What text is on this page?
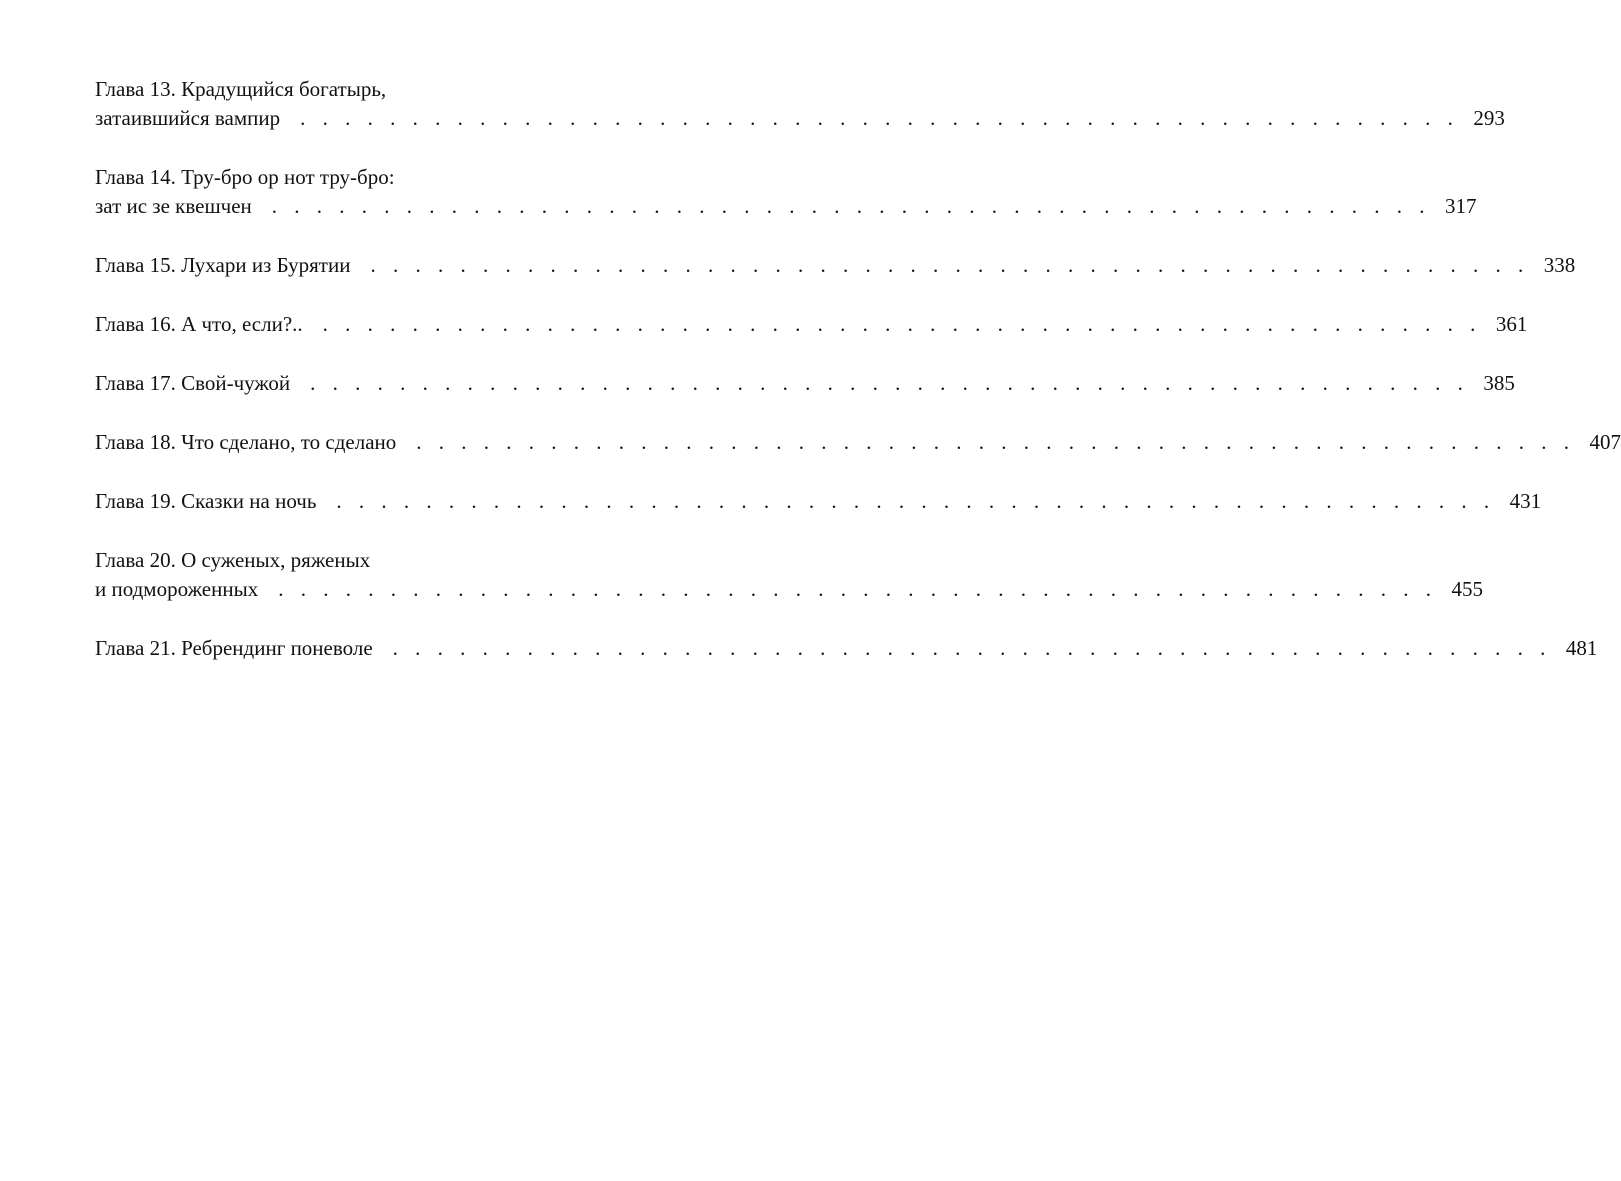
Глава 13. Крадущийся богатырь,
затаившийся вампир . . . . . . . . . . . . . . . . . . . . . . . . . . . . . . . . . . . . . . . . . . . . . . . . . . . . 293
Глава 14. Тру-бро ор нот тру-бро:
зат ис зе квешчен . . . . . . . . . . . . . . . . . . . . . . . . . . . . . . . . . . . . . . . . . . . . . . . . . . . . 317
Глава 15. Лухари из Бурятии . . . . . . . . . . . . . . . . . . . . . . . . . . . . . . . . . . . . . . . . . . . . . . . . . . . . 338
Глава 16. А что, если?.. . . . . . . . . . . . . . . . . . . . . . . . . . . . . . . . . . . . . . . . . . . . . . . . . . . . . 361
Глава 17. Свой-чужой . . . . . . . . . . . . . . . . . . . . . . . . . . . . . . . . . . . . . . . . . . . . . . . . . . . . 385
Глава 18. Что сделано, то сделано . . . . . . . . . . . . . . . . . . . . . . . . . . . . . . . . . . . . . . . . . . . . . . . . . . . . 407
Глава 19. Сказки на ночь . . . . . . . . . . . . . . . . . . . . . . . . . . . . . . . . . . . . . . . . . . . . . . . . . . . . 431
Глава 20. О суженых, ряженых
и подмороженных . . . . . . . . . . . . . . . . . . . . . . . . . . . . . . . . . . . . . . . . . . . . . . . . . . . . 455
Глава 21. Ребрендинг поневоле . . . . . . . . . . . . . . . . . . . . . . . . . . . . . . . . . . . . . . . . . . . . . . . . . . . . 481
